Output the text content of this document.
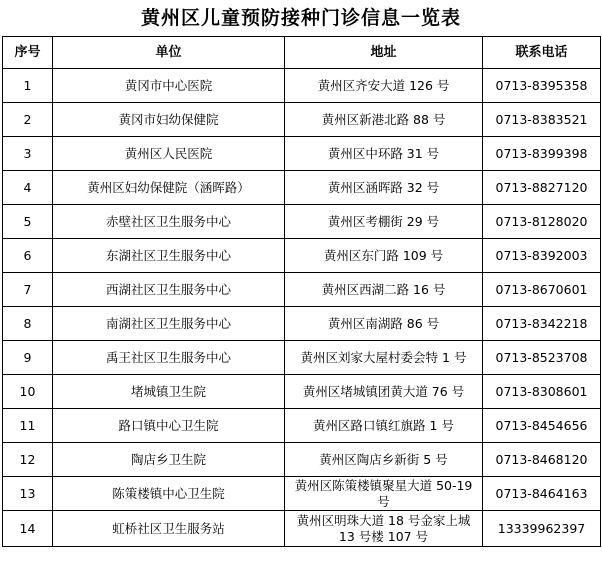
黄州区儿童预防接种门诊信息一览表
序号	单位	地址	联系电话
1	黄冈市中心医院	黄州区齐安大道 126 号	0713-8395358
2	黄冈市妇幼保健院	黄州区新港北路 88 号	0713-8383521
3	黄州区人民医院	黄州区中环路 31 号	0713-8399398
4	黄州区妇幼保健院（涵晖路）	黄州区涵晖路 32 号	0713-8827120
5	赤壁社区卫生服务中心	黄州区考棚街 29 号	0713-8128020
6	东湖社区卫生服务中心	黄州区东门路 109 号	0713-8392003
7	西湖社区卫生服务中心	黄州区西湖二路 16 号	0713-8670601
8	南湖社区卫生服务中心	黄州区南湖路 86 号	0713-8342218
9	禹王社区卫生服务中心	黄州区刘家大屋村委会特 1 号	0713-8523708
10	堵城镇卫生院	黄州区堵城镇团黄大道 76 号	0713-8308601
11	路口镇中心卫生院	黄州区路口镇红旗路 1 号	0713-8454656
12	陶店乡卫生院	黄州区陶店乡新街 5 号	0713-8468120
13	陈策楼镇中心卫生院	黄州区陈策楼镇聚星大道 50-19 号	0713-8464163
14	虹桥社区卫生服务站	黄州区明珠大道 18 号金家上城 13 号楼 107 号	13339962397
